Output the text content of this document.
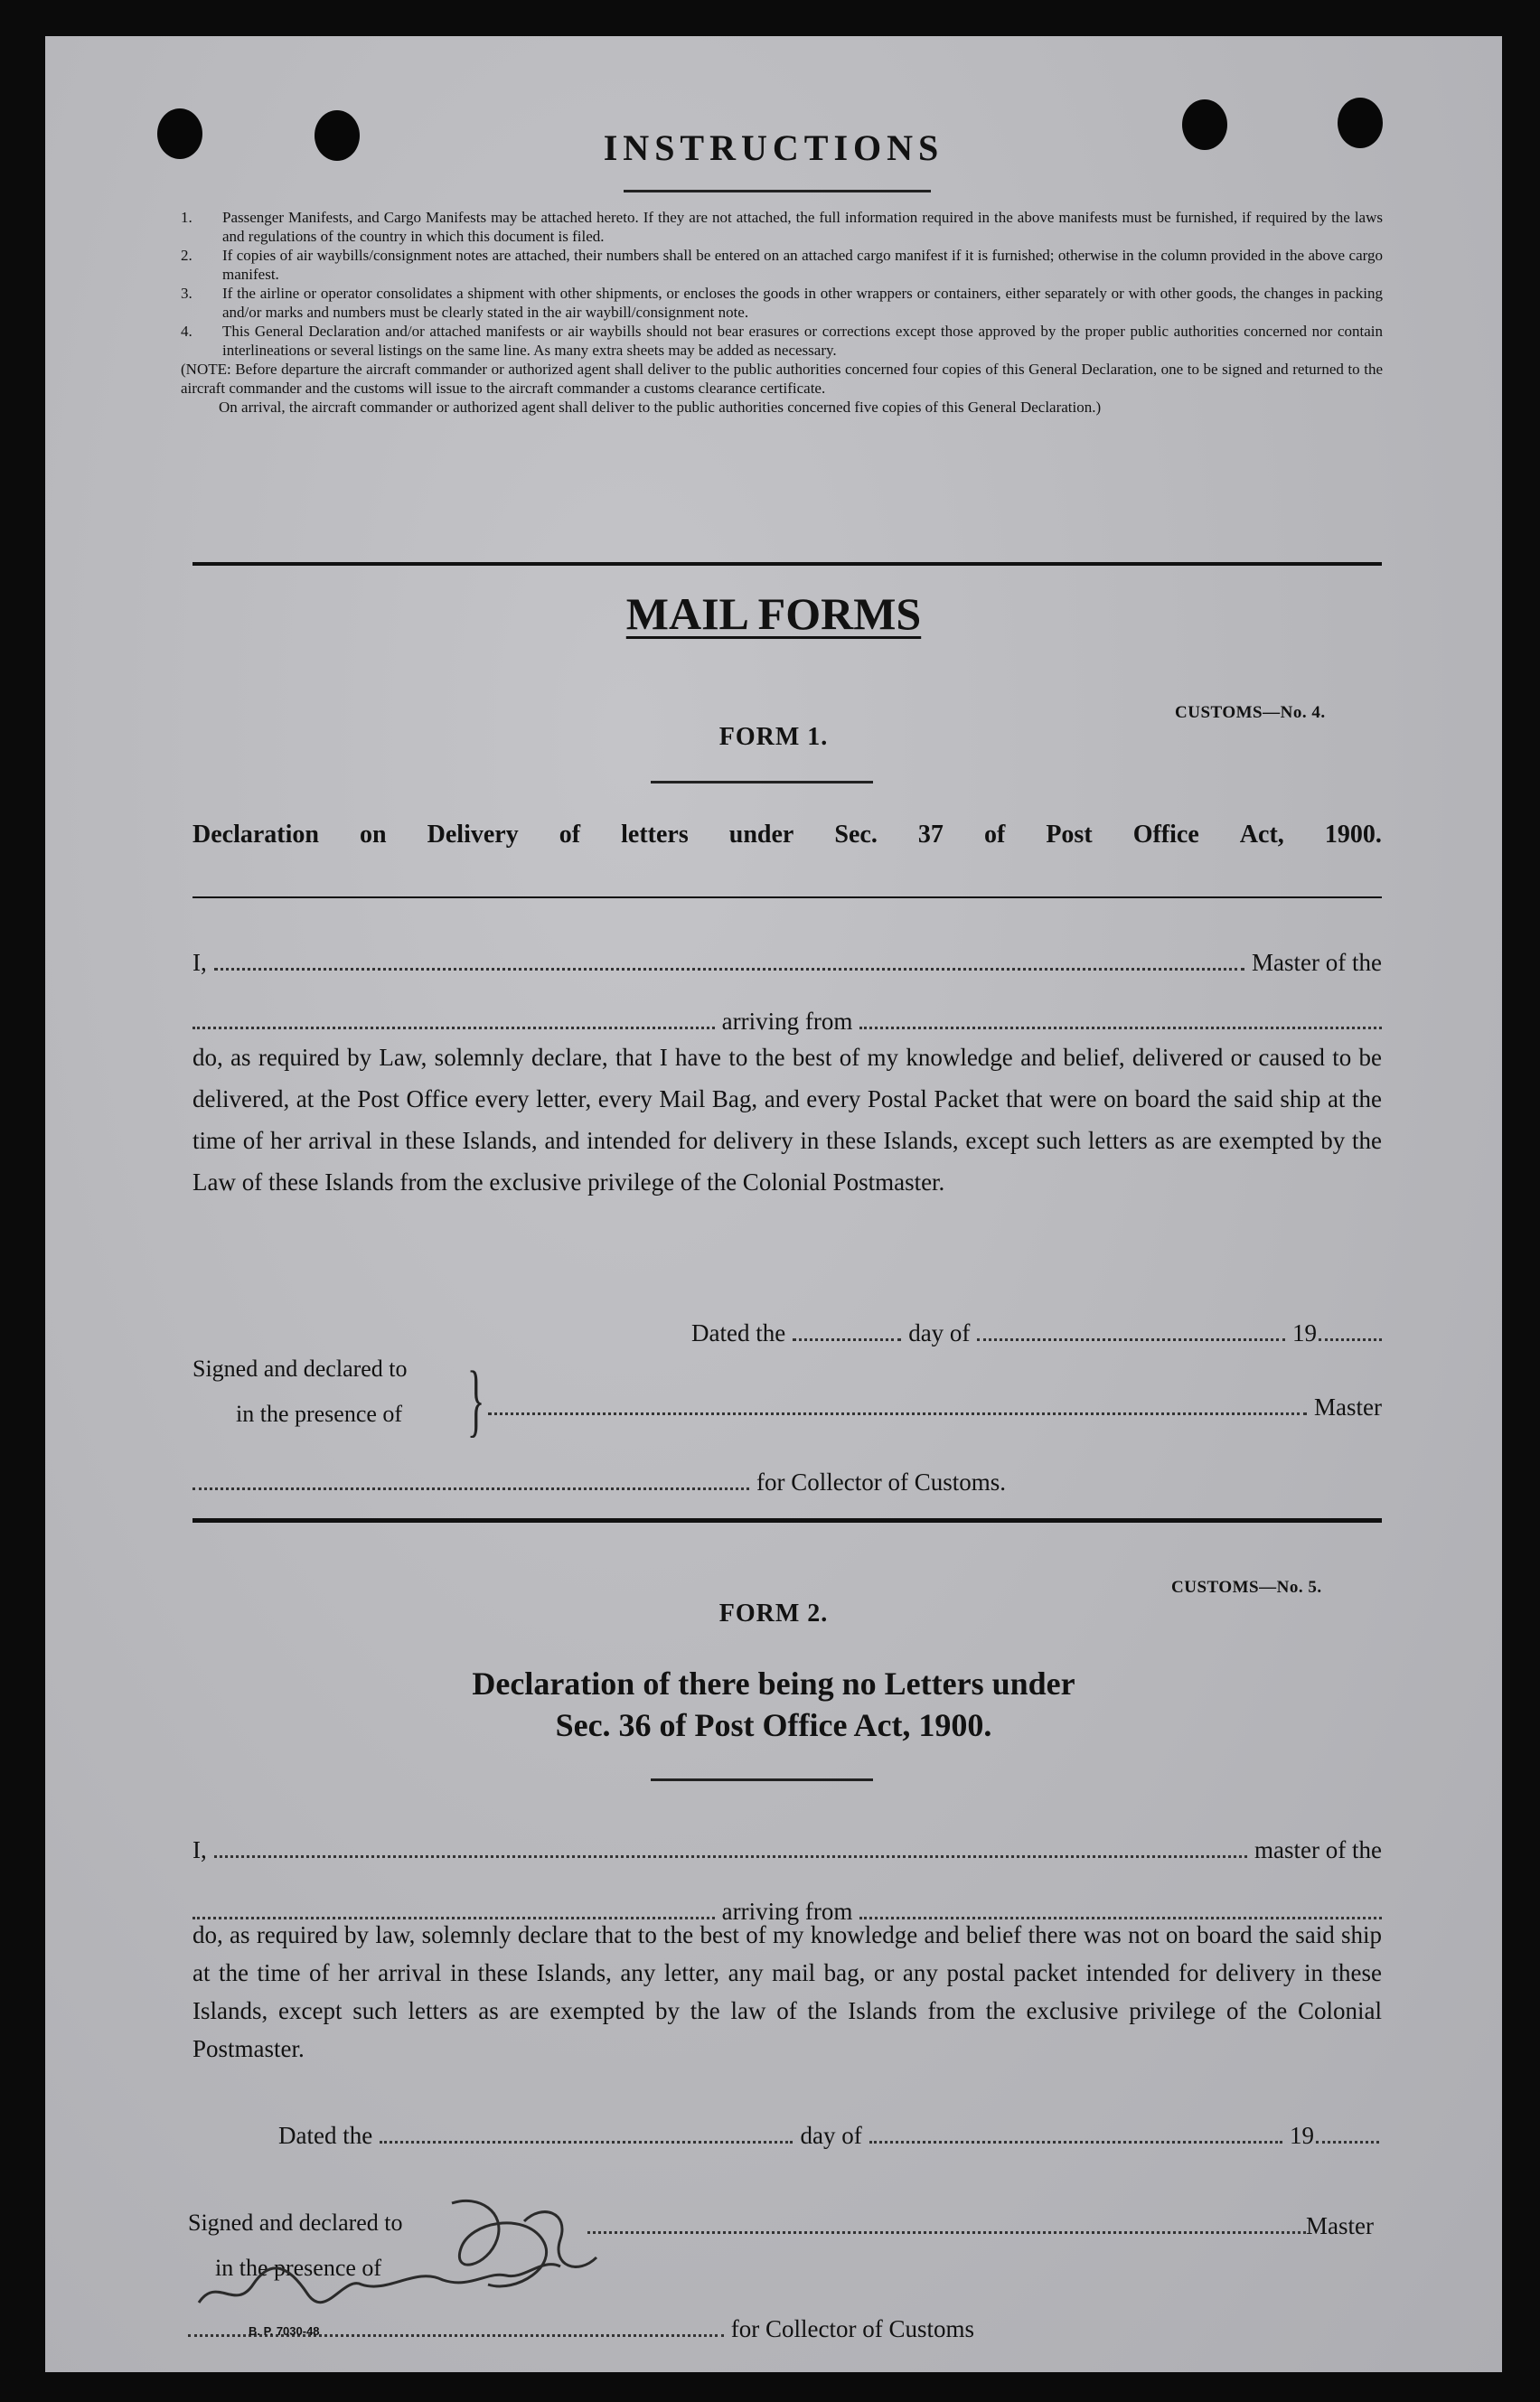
INSTRUCTIONS
1. Passenger Manifests, and Cargo Manifests may be attached hereto. If they are not attached, the full information required in the above manifests must be furnished, if required by the laws and regulations of the country in which this document is filed.
2. If copies of air waybills/consignment notes are attached, their numbers shall be entered on an attached cargo manifest if it is furnished; otherwise in the column provided in the above cargo manifest.
3. If the airline or operator consolidates a shipment with other shipments, or encloses the goods in other wrappers or containers, either separately or with other goods, the changes in packing and/or marks and numbers must be clearly stated in the air waybill/consignment note.
4. This General Declaration and/or attached manifests or air waybills should not bear erasures or corrections except those approved by the proper public authorities concerned nor contain interlineations or several listings on the same line. As many extra sheets may be added as necessary.
(NOTE: Before departure the aircraft commander or authorized agent shall deliver to the public authorities concerned four copies of this General Declaration, one to be signed and returned to the aircraft commander and the customs will issue to the aircraft commander a customs clearance certificate.
On arrival, the aircraft commander or authorized agent shall deliver to the public authorities concerned five copies of this General Declaration.)
MAIL FORMS
CUSTOMS—No. 4.
FORM 1.
Declaration on Delivery of letters under Sec. 37 of Post Office Act, 1900.
I,	Master of the
arriving from
do, as required by Law, solemnly declare, that I have to the best of my knowledge and belief, delivered or caused to be delivered, at the Post Office every letter, every Mail Bag, and every Postal Packet that were on board the said ship at the time of her arrival in these Islands, and intended for delivery in these Islands, except such letters as are exempted by the Law of these Islands from the exclusive privilege of the Colonial Postmaster.
Dated the	day of	19
Signed and declared to
in the presence of }	Master
for Collector of Customs.
CUSTOMS—No. 5.
FORM 2.
Declaration of there being no Letters under
Sec. 36 of Post Office Act, 1900.
I,	master of the
arriving from
do, as required by law, solemnly declare that to the best of my knowledge and belief there was not on board the said ship at the time of her arrival in these Islands, any letter, any mail bag, or any postal packet intended for delivery in these Islands, except such letters as are exempted by the law of the Islands from the exclusive privilege of the Colonial Postmaster.
Dated the	day of	19
Signed and declared to
in the presence of
Master
for Collector of Customs
B. P. 7030-48
